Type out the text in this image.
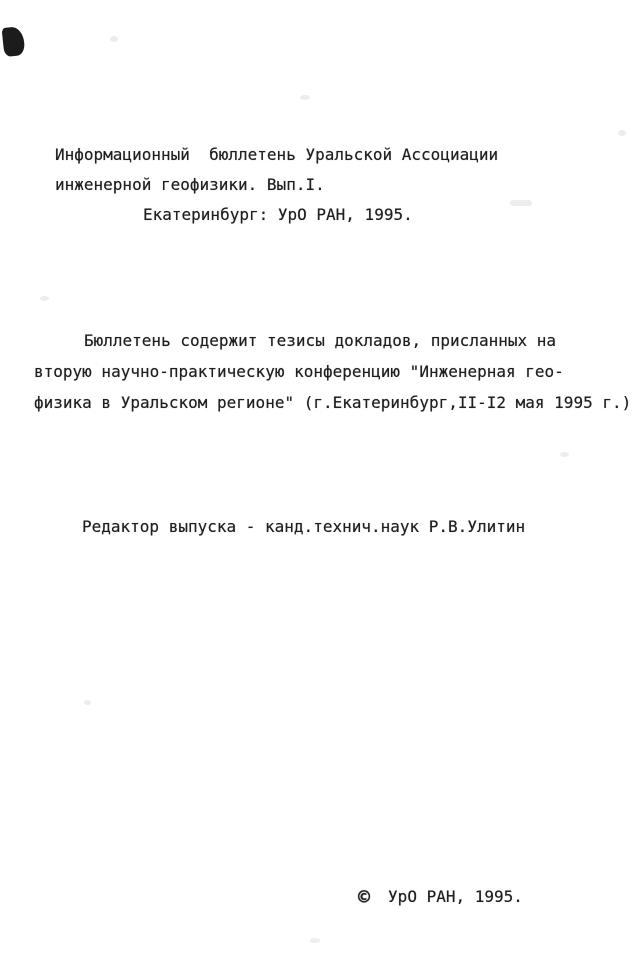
Информационный  бюллетень Уральской Ассоциации
инженерной геофизики. Вып.I.
Екатеринбург: УрО РАН, 1995.
Бюллетень содержит тезисы докладов, присланных на
вторую научно-практическую конференцию "Инженерная гео-
физика в Уральском регионе" (г.Екатеринбург,II-I2 мая 1995 г.)
Редактор выпуска - канд.технич.наук Р.В.Улитин
© УрО РАН, 1995.
